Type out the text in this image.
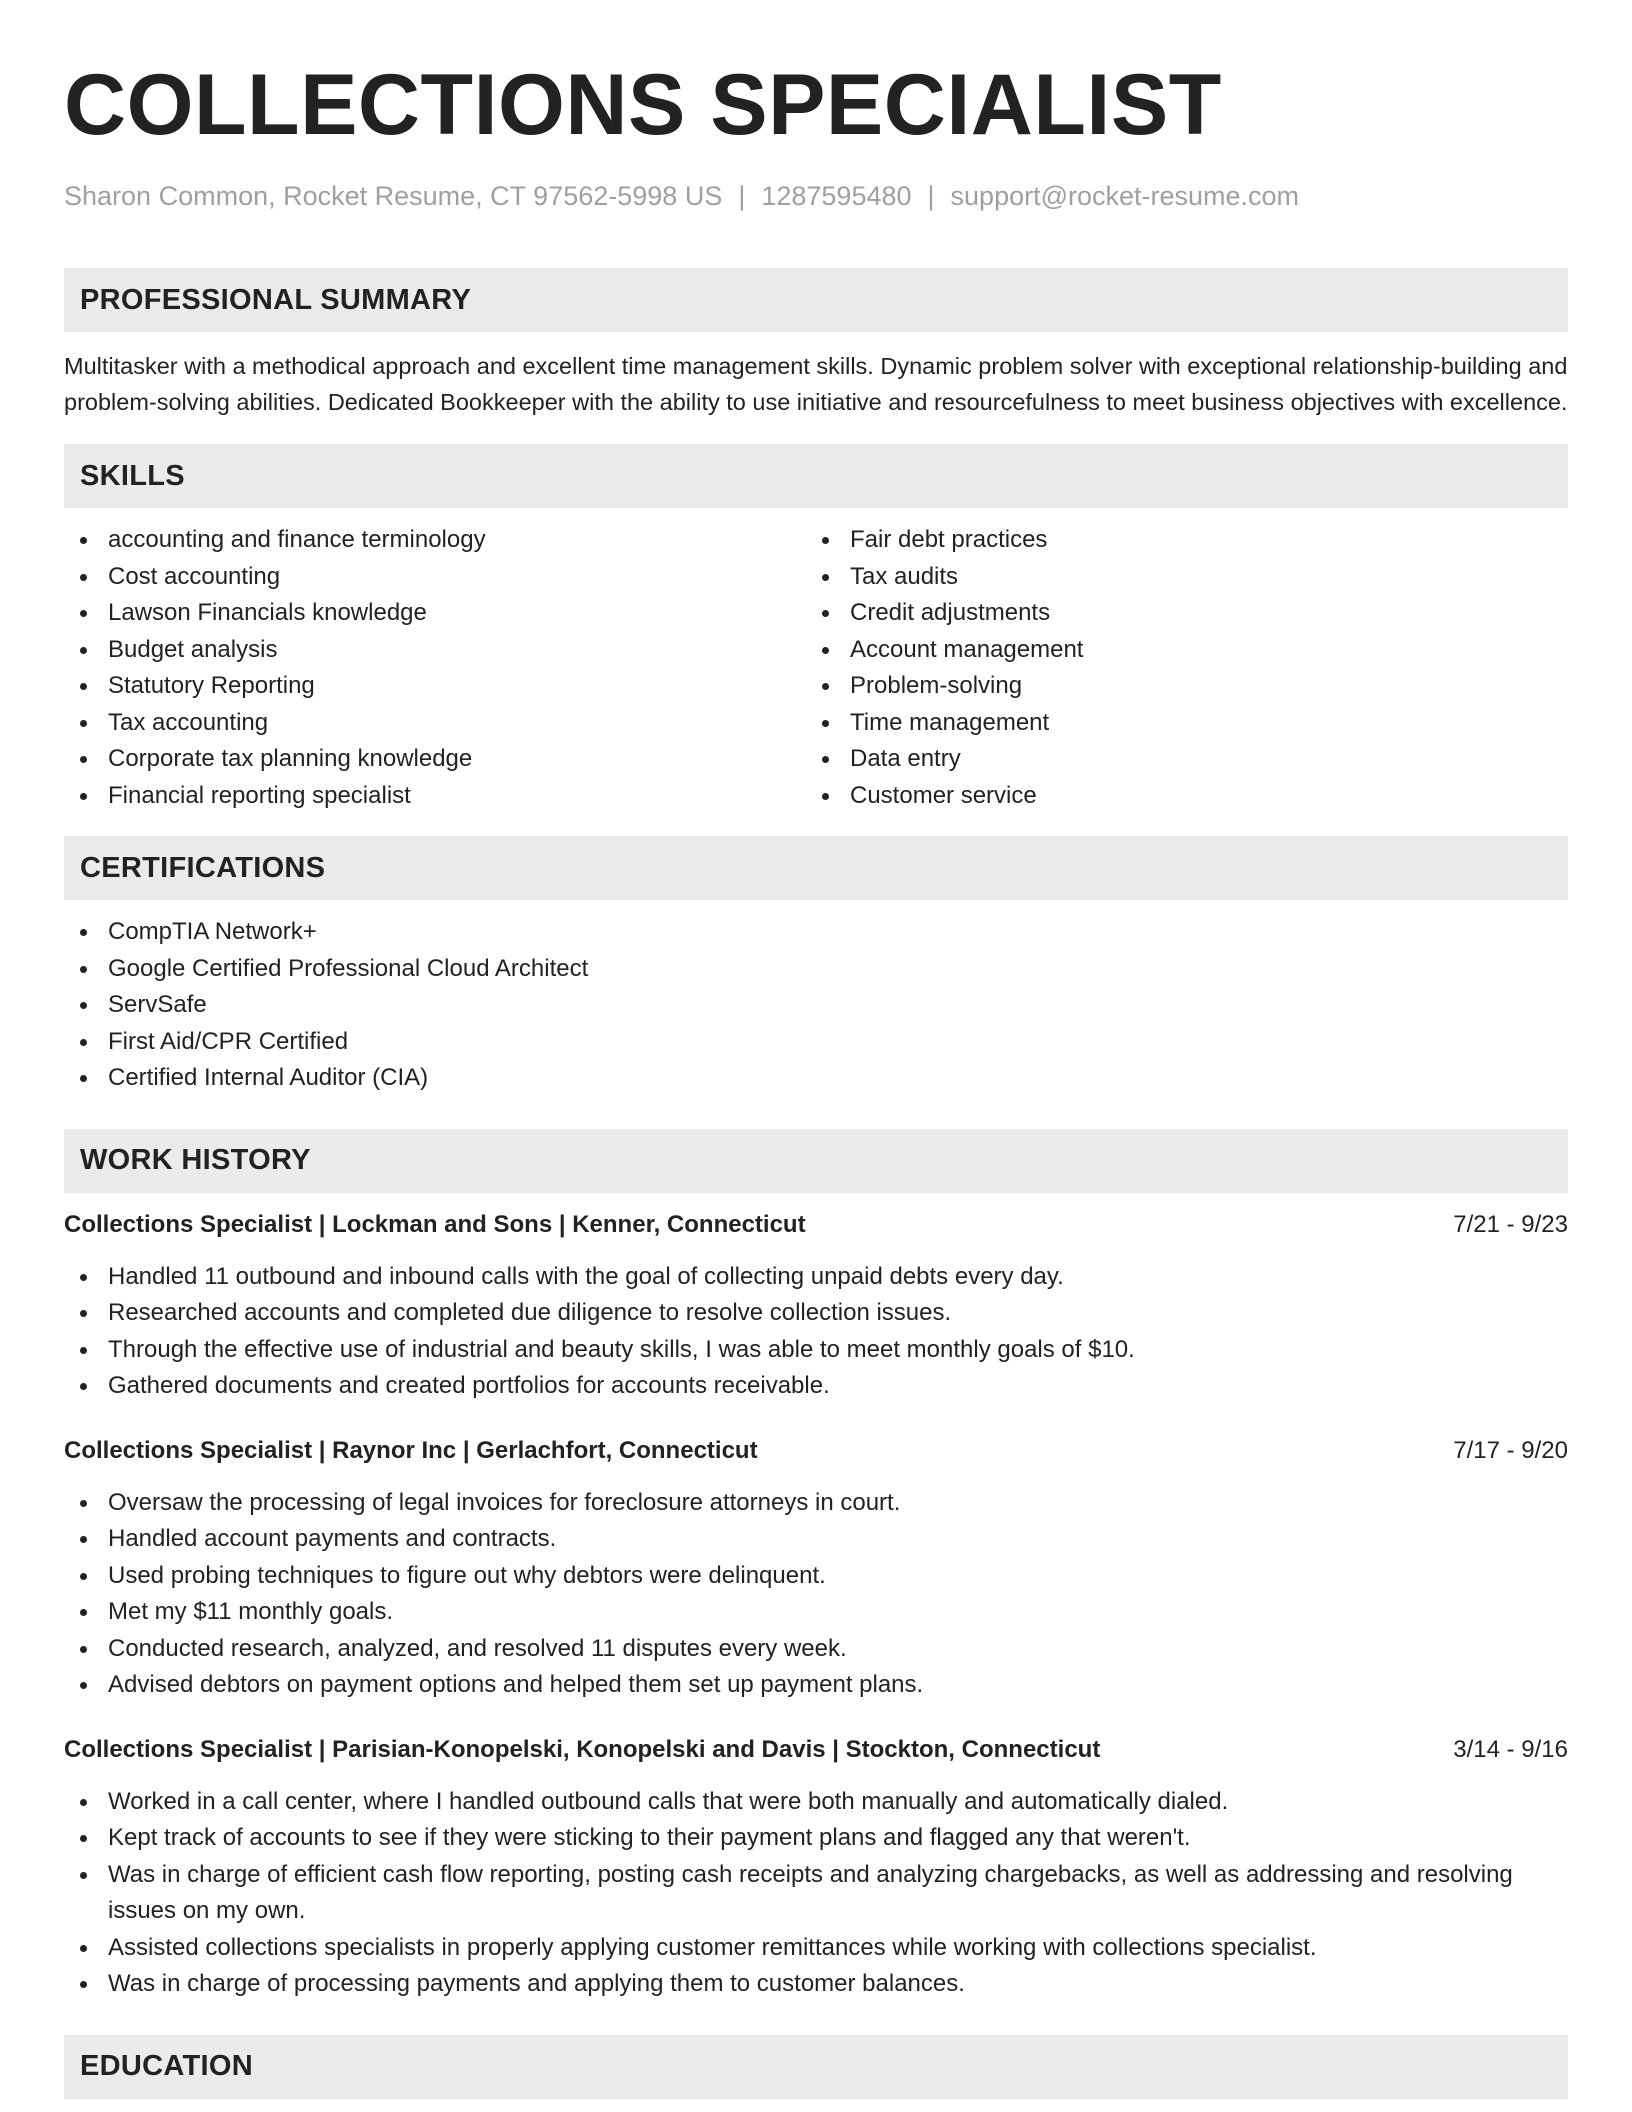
COLLECTIONS SPECIALIST
Sharon Common, Rocket Resume, CT 97562-5998 US | 1287595480 | support@rocket-resume.com
PROFESSIONAL SUMMARY

Multitasker with a methodical approach and excellent time management skills. Dynamic problem solver with exceptional relationship-building and problem-solving abilities. Dedicated Bookkeeper with the ability to use initiative and resourcefulness to meet business objectives with excellence.

SKILLS
accounting and finance terminology
Cost accounting
Lawson Financials knowledge
Budget analysis
Statutory Reporting
Tax accounting
Corporate tax planning knowledge
Financial reporting specialist
Fair debt practices
Tax audits
Credit adjustments
Account management
Problem-solving
Time management
Data entry
Customer service
CERTIFICATIONS
CompTIA Network+
Google Certified Professional Cloud Architect
ServSafe
First Aid/CPR Certified
Certified Internal Auditor (CIA)
WORK HISTORY
Collections Specialist | Lockman and Sons | Kenner, Connecticut	7/21 - 9/23
Handled 11 outbound and inbound calls with the goal of collecting unpaid debts every day.
Researched accounts and completed due diligence to resolve collection issues.
Through the effective use of industrial and beauty skills, I was able to meet monthly goals of $10.
Gathered documents and created portfolios for accounts receivable.
Collections Specialist | Raynor Inc | Gerlachfort, Connecticut	7/17 - 9/20
Oversaw the processing of legal invoices for foreclosure attorneys in court.
Handled account payments and contracts.
Used probing techniques to figure out why debtors were delinquent.
Met my $11 monthly goals.
Conducted research, analyzed, and resolved 11 disputes every week.
Advised debtors on payment options and helped them set up payment plans.
Collections Specialist | Parisian-Konopelski, Konopelski and Davis | Stockton, Connecticut	3/14 - 9/16
Worked in a call center, where I handled outbound calls that were both manually and automatically dialed.
Kept track of accounts to see if they were sticking to their payment plans and flagged any that weren't.
Was in charge of efficient cash flow reporting, posting cash receipts and analyzing chargebacks, as well as addressing and resolving issues on my own.
Assisted collections specialists in properly applying customer remittances while working with collections specialist.
Was in charge of processing payments and applying them to customer balances.
EDUCATION
